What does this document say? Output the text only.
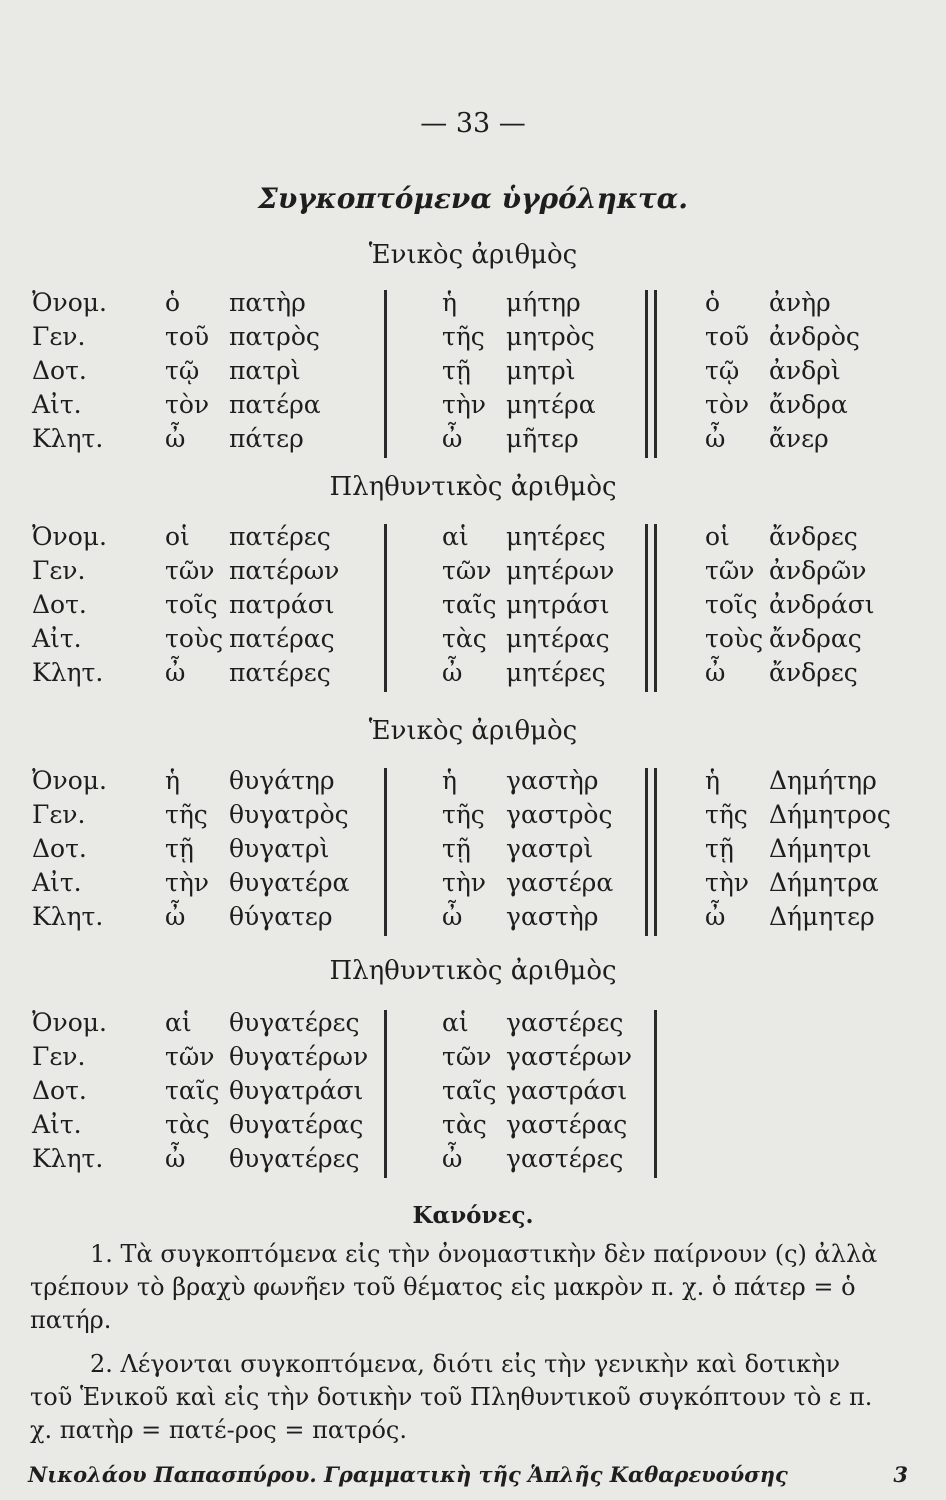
— 33 —
Συγκοπτόμενα ὑγρόληκτα.
Ἑνικὸς ἀριθμὸς
Ὀνομ.
Γεν.
Δοτ.
Αἰτ.
Κλητ.
ὁ πατὴρ
τοῦ πατρὸς
τῷ πατρὶ
τὸν πατέρα
ὦ πάτερ
ἡ μήτηρ
τῆς μητρὸς
τῇ μητρὶ
τὴν μητέρα
ὦ μῆτερ
ὁ ἀνὴρ
τοῦ ἀνδρὸς
τῷ ἀνδρὶ
τὸν ἄνδρα
ὦ ἄνερ
Πληθυντικὸς ἀριθμὸς
Ὀνομ.
Γεν.
Δοτ.
Αἰτ.
Κλητ.
οἱ πατέρες
τῶν πατέρων
τοῖς πατράσι
τοὺς πατέρας
ὦ πατέρες
αἱ μητέρες
τῶν μητέρων
ταῖς μητράσι
τὰς μητέρας
ὦ μητέρες
οἱ ἄνδρες
τῶν ἀνδρῶν
τοῖς ἀνδράσι
τοὺς ἄνδρας
ὦ ἄνδρες
Ἑνικὸς ἀριθμὸς
Ὀνομ.
Γεν.
Δοτ.
Αἰτ.
Κλητ.
ἡ θυγάτηρ
τῆς θυγατρὸς
τῇ θυγατρὶ
τὴν θυγατέρα
ὦ θύγατερ
ἡ γαστὴρ
τῆς γαστρὸς
τῇ γαστρὶ
τὴν γαστέρα
ὦ γαστὴρ
ἡ Δημήτηρ
τῆς Δήμητρος
τῇ Δήμητρι
τὴν Δήμητρα
ὦ Δήμητερ
Πληθυντικὸς ἀριθμὸς
Ὀνομ.
Γεν.
Δοτ.
Αἰτ.
Κλητ.
αἱ θυγατέρες
τῶν θυγατέρων
ταῖς θυγατράσι
τὰς θυγατέρας
ὦ θυγατέρες
αἱ γαστέρες
τῶν γαστέρων
ταῖς γαστράσι
τὰς γαστέρας
ὦ γαστέρες
Κανόνες.
1. Τὰ συγκοπτόμενα εἰς τὴν ὀνομαστικὴν δὲν παίρνουν (ς) ἀλλὰ τρέπουν τὸ βραχὺ φωνῆεν τοῦ θέματος εἰς μακρὸν π. χ. ὁ πάτερ = ὁ πατήρ.
2. Λέγονται συγκοπτόμενα, διότι εἰς τὴν γενικὴν καὶ δοτικὴν τοῦ Ἑνικοῦ καὶ εἰς τὴν δοτικὴν τοῦ Πληθυντικοῦ συγκόπτουν τὸ ε π. χ. πατὴρ = πατέ-ρος = πατρός.
Νικολάου Παπασπύρου. Γραμματικὴ τῆς Ἁπλῆς Καθαρευούσης	3
